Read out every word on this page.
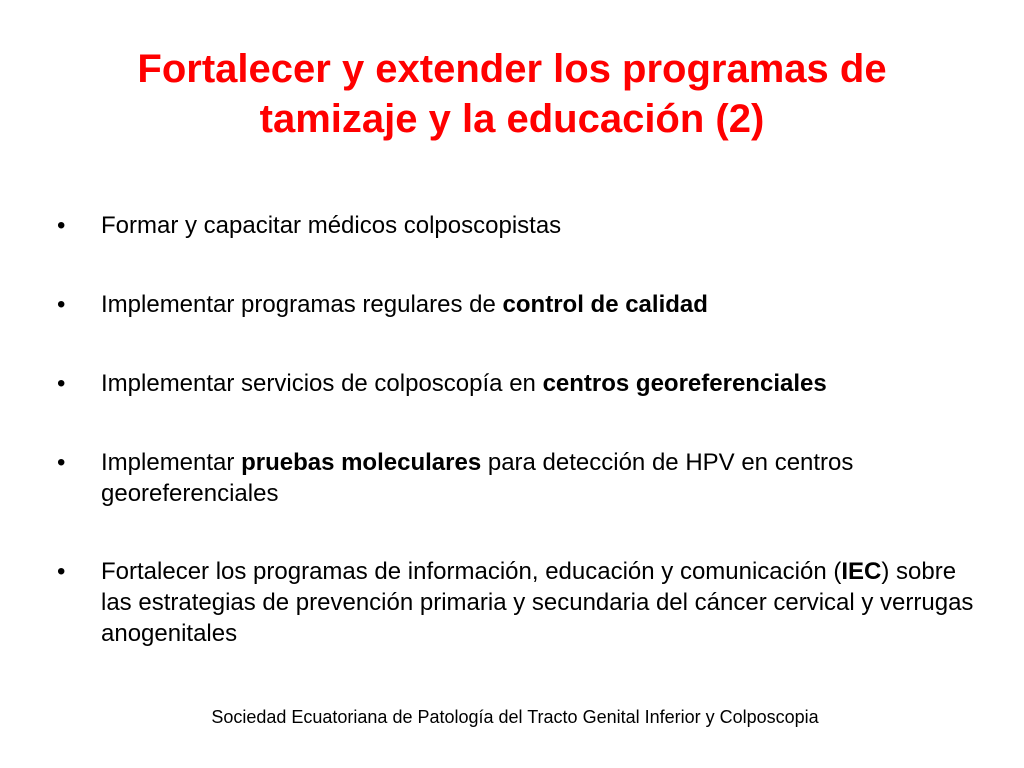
Fortalecer y extender los programas de
tamizaje y la educación (2)
•	Formar y capacitar médicos colposcopistas
•	Implementar programas regulares de control de calidad
•	Implementar servicios de colposcopía en centros georeferenciales
•	Implementar pruebas moleculares para detección de HPV en centros georeferenciales
•	Fortalecer los programas de información, educación y comunicación (IEC) sobre las estrategias de prevención primaria y secundaria del cáncer cervical y verrugas anogenitales
Sociedad Ecuatoriana de Patología del Tracto Genital Inferior y Colposcopia
